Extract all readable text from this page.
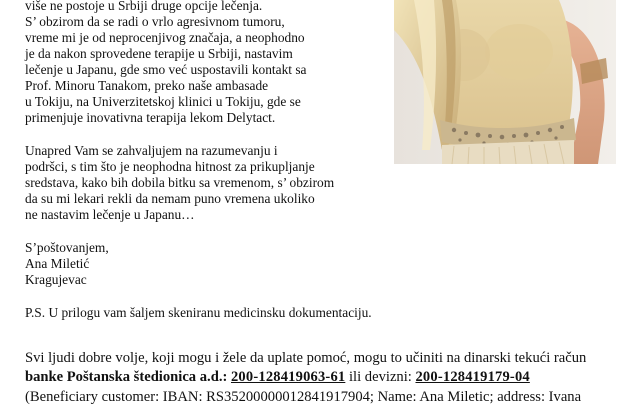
više ne postoje u Srbiji druge opcije lečenja.
S’ obzirom da se radi o vrlo agresivnom tumoru,
vreme mi je od neprocenjivog značaja, a neophodno
je da nakon sprovedene terapije u Srbiji, nastavim
lečenje u Japanu, gde smo već uspostavili kontakt sa
Prof. Minoru Tanakom, preko naše ambasade
u Tokiju, na Univerzitetskoj klinici u Tokiju, gde se
primenjuje inovativna terapija lekom Delytact.
Unapred Vam se zahvaljujem na razumevanju i
podršci, s tim što je neophodna hitnost za prikupljanje
sredstava, kako bih dobila bitku sa vremenom, s’ obzirom
da su mi lekari rekli da nemam puno vremena ukoliko
ne nastavim lečenje u Japanu…
S’poštovanjem,
Ana Miletić
Kragujevac
P.S. U prilogu vam šaljem skeniranu medicinsku dokumentaciju.
Svi ljudi dobre volje, koji mogu i žele da uplate pomoć, mogu to učiniti na dinarski tekući račun
banke Poštanska štedionica a.d.: 200-128419063-61 ili devizni: 200-128419179-04
(Beneficiary customer: IBAN: RS35200000012841917904; Name: Ana Miletic; address: Ivana
